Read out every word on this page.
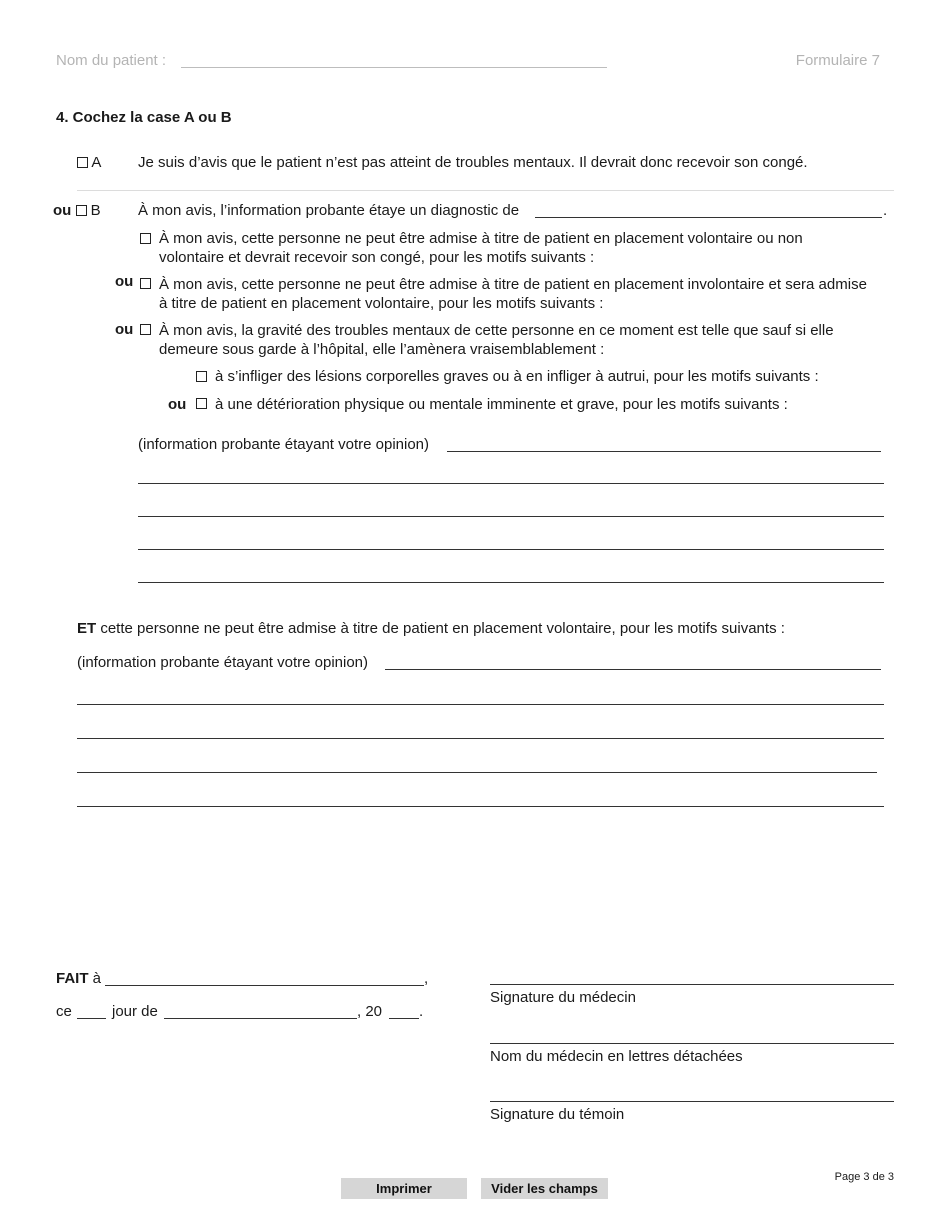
Nom du patient :	Formulaire 7
4. Cochez la case A ou B
A Je suis d’avis que le patient n’est pas atteint de troubles mentaux. Il devrait donc recevoir son congé.
ou B À mon avis, l’information probante étaye un diagnostic de	.
À mon avis, cette personne ne peut être admise à titre de patient en placement volontaire ou non volontaire et devrait recevoir son congé, pour les motifs suivants :
ou À mon avis, cette personne ne peut être admise à titre de patient en placement involontaire et sera admise à titre de patient en placement volontaire, pour les motifs suivants :
ou À mon avis, la gravité des troubles mentaux de cette personne en ce moment est telle que sauf si elle demeure sous garde à l’hôpital, elle l’amènera vraisemblablement :
à s’infliger des lésions corporelles graves ou à en infliger à autrui, pour les motifs suivants :
ou à une détérioration physique ou mentale imminente et grave, pour les motifs suivants :
(information probante étayant votre opinion)
ET cette personne ne peut être admise à titre de patient en placement volontaire, pour les motifs suivants :
(information probante étayant votre opinion)
FAIT à	,
ce	jour de	, 20 .
Signature du médecin
Nom du médecin en lettres détachées
Signature du témoin
Page 3 de 3
Imprimer	Vider les champs
